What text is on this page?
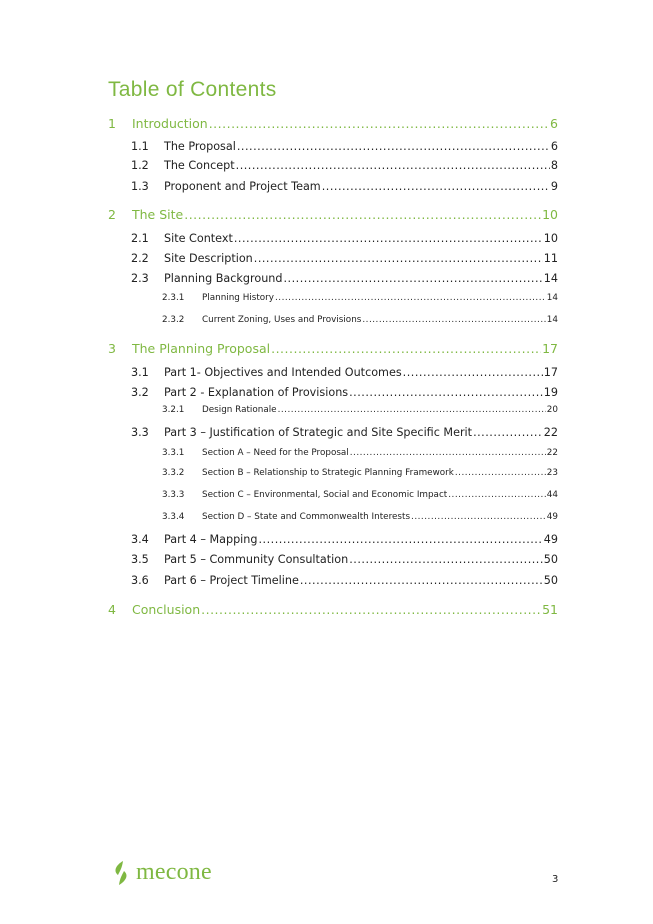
Table of Contents
1	Introduction .....	6
1.1	The Proposal .....	6
1.2	The Concept .....	8
1.3	Proponent and Project Team .....	9
2	The Site .....	10
2.1	Site Context .....	10
2.2	Site Description .....	11
2.3	Planning Background .....	14
2.3.1	Planning History .....	14
2.3.2	Current Zoning, Uses and Provisions .....	14
3	The Planning Proposal .....	17
3.1	Part 1- Objectives and Intended Outcomes .....	17
3.2	Part 2 - Explanation of Provisions .....	19
3.2.1	Design Rationale .....	20
3.3	Part 3 – Justification of Strategic and Site Specific Merit .....	22
3.3.1	Section A – Need for the Proposal .....	22
3.3.2	Section B – Relationship to Strategic Planning Framework .....	23
3.3.3	Section C – Environmental, Social and Economic Impact .....	44
3.3.4	Section D – State and Commonwealth Interests .....	49
3.4	Part 4 – Mapping .....	49
3.5	Part 5 – Community Consultation .....	50
3.6	Part 6 – Project Timeline .....	50
4	Conclusion .....	51
mecone	3
